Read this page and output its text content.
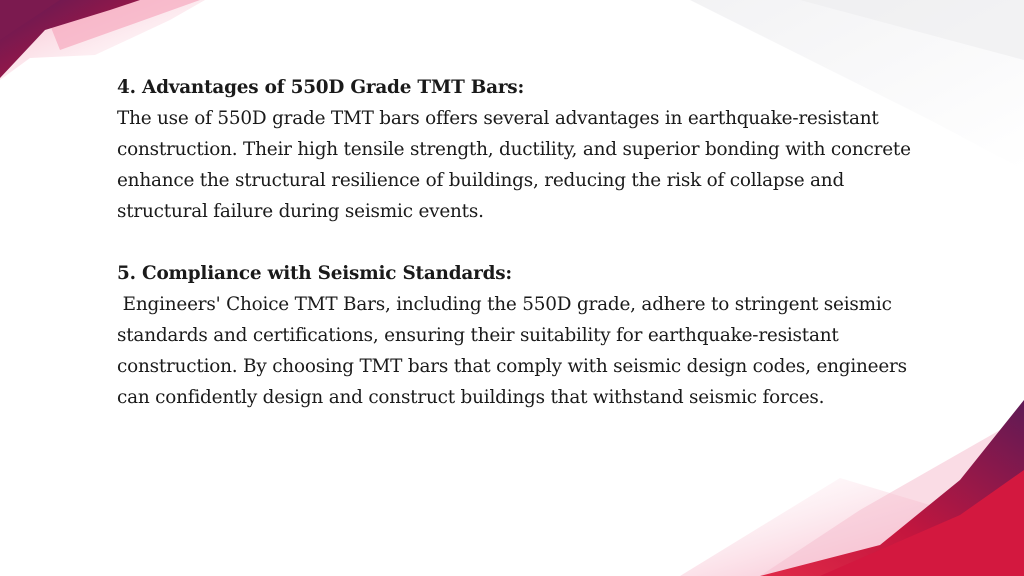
4. Advantages of 550D Grade TMT Bars:

The use of 550D grade TMT bars offers several advantages in earthquake-resistant construction. Their high tensile strength, ductility, and superior bonding with concrete enhance the structural resilience of buildings, reducing the risk of collapse and structural failure during seismic events.

5. Compliance with Seismic Standards:

Engineers' Choice TMT Bars, including the 550D grade, adhere to stringent seismic standards and certifications, ensuring their suitability for earthquake-resistant

construction. By choosing TMT bars that comply with seismic design codes, engineers can confidently design and construct buildings that withstand seismic forces.
